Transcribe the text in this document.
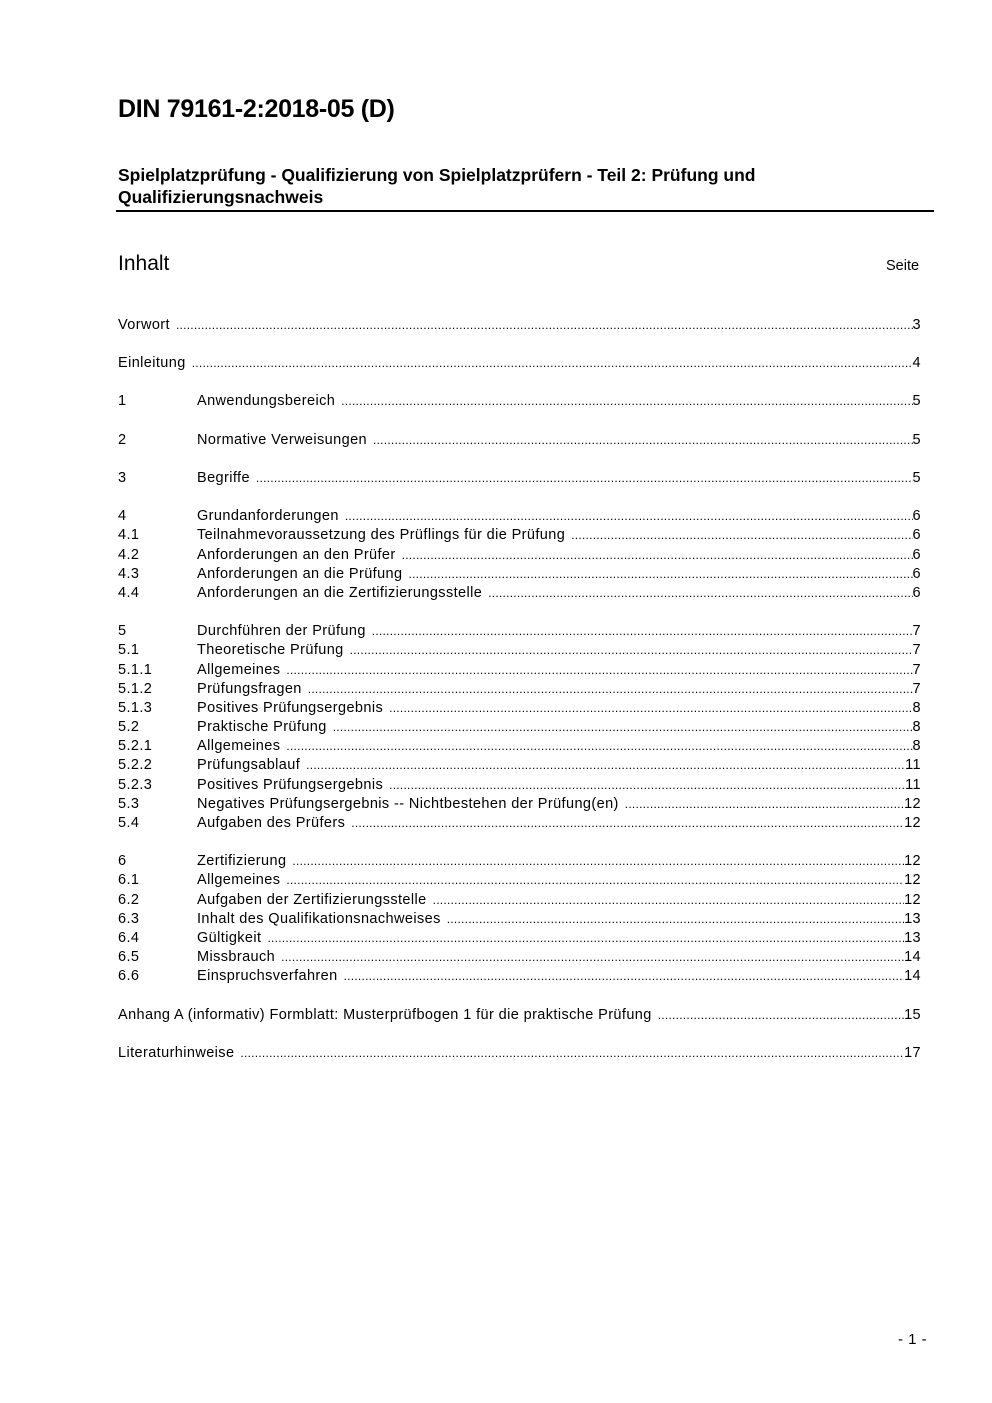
DIN 79161-2:2018-05 (D)
Spielplatzprüfung - Qualifizierung von Spielplatzprüfern - Teil 2: Prüfung und Qualifizierungsnachweis
Inhalt	Seite
Vorwort .....	3
Einleitung .....	4
1	Anwendungsbereich .....	5
2	Normative Verweisungen .....	5
3	Begriffe .....	5
4	Grundanforderungen .....	6
4.1	Teilnahmevoraussetzung des Prüflings für die Prüfung .....	6
4.2	Anforderungen an den Prüfer .....	6
4.3	Anforderungen an die Prüfung .....	6
4.4	Anforderungen an die Zertifizierungsstelle .....	6
5	Durchführen der Prüfung .....	7
5.1	Theoretische Prüfung .....	7
5.1.1	Allgemeines .....	7
5.1.2	Prüfungsfragen .....	7
5.1.3	Positives Prüfungsergebnis .....	8
5.2	Praktische Prüfung .....	8
5.2.1	Allgemeines .....	8
5.2.2	Prüfungsablauf .....	11
5.2.3	Positives Prüfungsergebnis .....	11
5.3	Negatives Prüfungsergebnis -- Nichtbestehen der Prüfung(en) .....	12
5.4	Aufgaben des Prüfers .....	12
6	Zertifizierung .....	12
6.1	Allgemeines .....	12
6.2	Aufgaben der Zertifizierungsstelle .....	12
6.3	Inhalt des Qualifikationsnachweises .....	13
6.4	Gültigkeit .....	13
6.5	Missbrauch .....	14
6.6	Einspruchsverfahren .....	14
Anhang A (informativ) Formblatt: Musterprüfbogen 1 für die praktische Prüfung .....	15
Literaturhinweise .....	17
- 1 -
